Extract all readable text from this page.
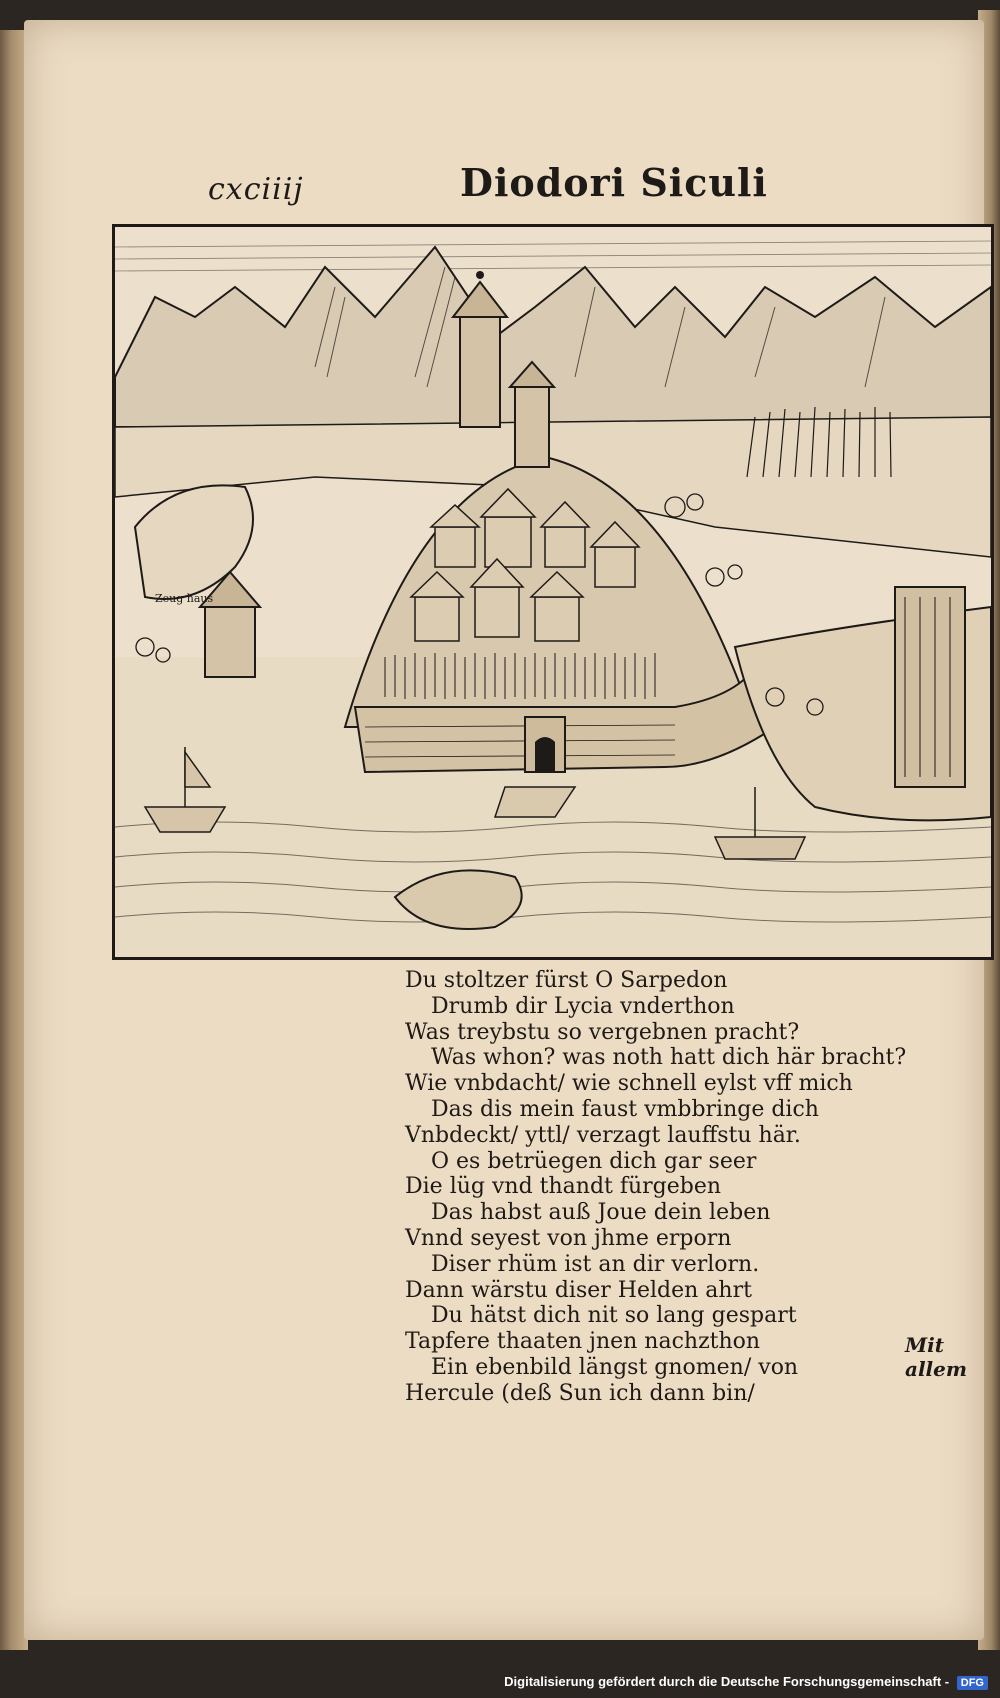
cxciiij	Diodori Siculi
Zeug haus
Du stoltzer fürst O Sarpedon
Drumb dir Lycia vnderthon
Was treybstu so vergebnen pracht?
Was whon? was noth hatt dich här bracht?
Wie vnbdacht/ wie schnell eylst vff mich
Das dis mein faust vmbbringe dich
Vnbdeckt/ yttl/ verzagt lauffstu här.
O es betrüegen dich gar seer
Die lüg vnd thandt fürgeben
Das habst auß Joue dein leben
Vnnd seyest von jhme erporn
Diser rhüm ist an dir verlorn.
Dann wärstu diser Helden ahrt
Du hätst dich nit so lang gespart
Tapfere thaaten jnen nachzthon
Ein ebenbild längst gnomen/ von
Hercule (deß Sun ich dann bin/
Mit allem
Digitalisierung gefördert durch die Deutsche Forschungsgemeinschaft - DFG
